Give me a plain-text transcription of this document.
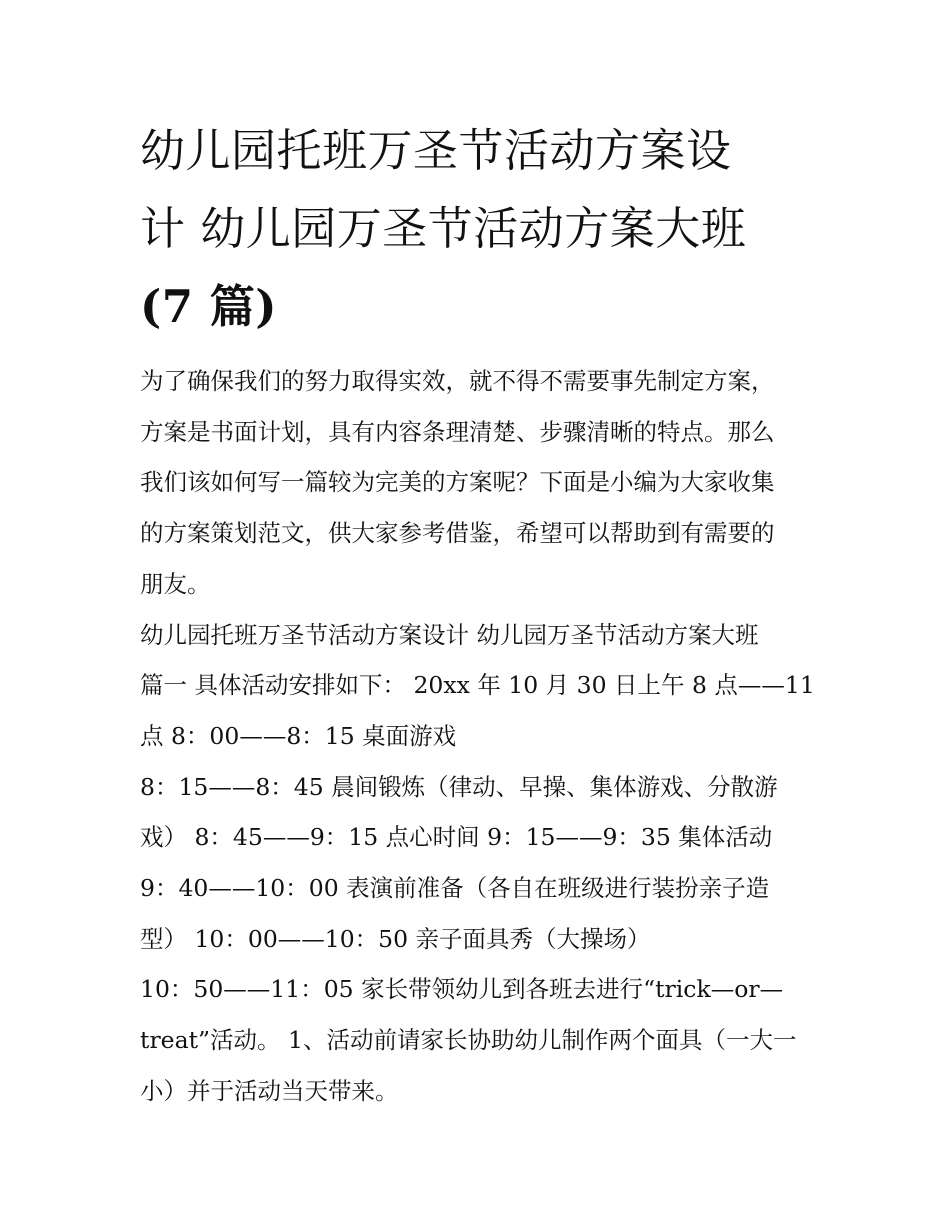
幼儿园托班万圣节活动方案设
计 幼儿园万圣节活动方案大班
(7 篇)
为了确保我们的努力取得实效，就不得不需要事先制定方案，
方案是书面计划，具有内容条理清楚、步骤清晰的特点。那么
我们该如何写一篇较为完美的方案呢？下面是小编为大家收集
的方案策划范文，供大家参考借鉴，希望可以帮助到有需要的
朋友。
幼儿园托班万圣节活动方案设计 幼儿园万圣节活动方案大班
篇一 具体活动安排如下： 20xx 年 10 月 30 日上午 8 点——11
点 8：00——8：15 桌面游戏
8：15——8：45 晨间锻炼（律动、早操、集体游戏、分散游
戏） 8：45——9：15 点心时间 9：15——9：35 集体活动
9：40——10：00 表演前准备（各自在班级进行装扮亲子造
型） 10：00——10：50 亲子面具秀（大操场）
10：50——11：05 家长带领幼儿到各班去进行“trick—or—
treat”活动。 1、活动前请家长协助幼儿制作两个面具（一大一
小）并于活动当天带来。
